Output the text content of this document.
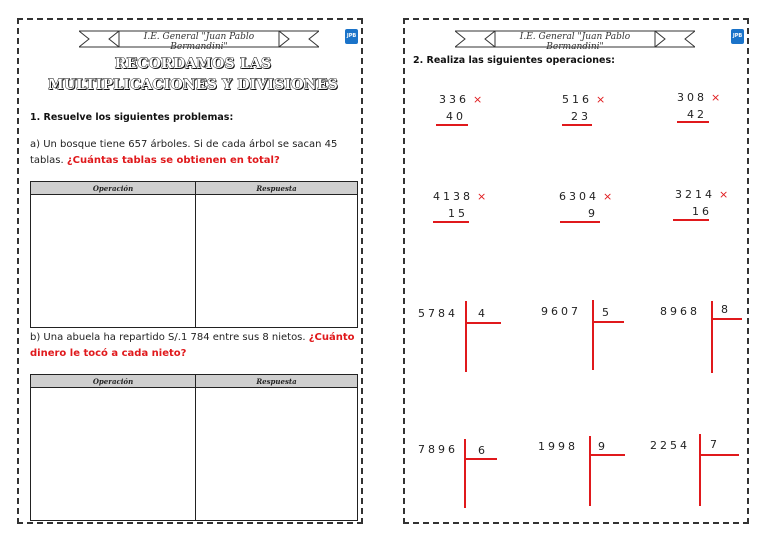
I.E. General "Juan Pablo Bermandini"
JPB
RECORDAMOS LAS MULTIPLICACIONES Y DIVISIONES
1. Resuelve los siguientes problemas:
a) Un bosque tiene 657 árboles. Si de cada árbol se sacan 45 tablas. ¿Cuántas tablas se obtienen en total?
Operación	Respuesta

b) Una abuela ha repartido S/.1 784 entre sus 8 nietos. ¿Cuánto dinero le tocó a cada nieto?
Operación	Respuesta

I.E. General "Juan Pablo Bermandini"
JPB
2. Realiza las siguientes operaciones:
336 ×
40
516 ×
23
308 ×
42
4138 ×
15
6304 ×
9
3214 ×
16
5784 4	9607 5	8968 8
7896 6	1998 9	2254 7
